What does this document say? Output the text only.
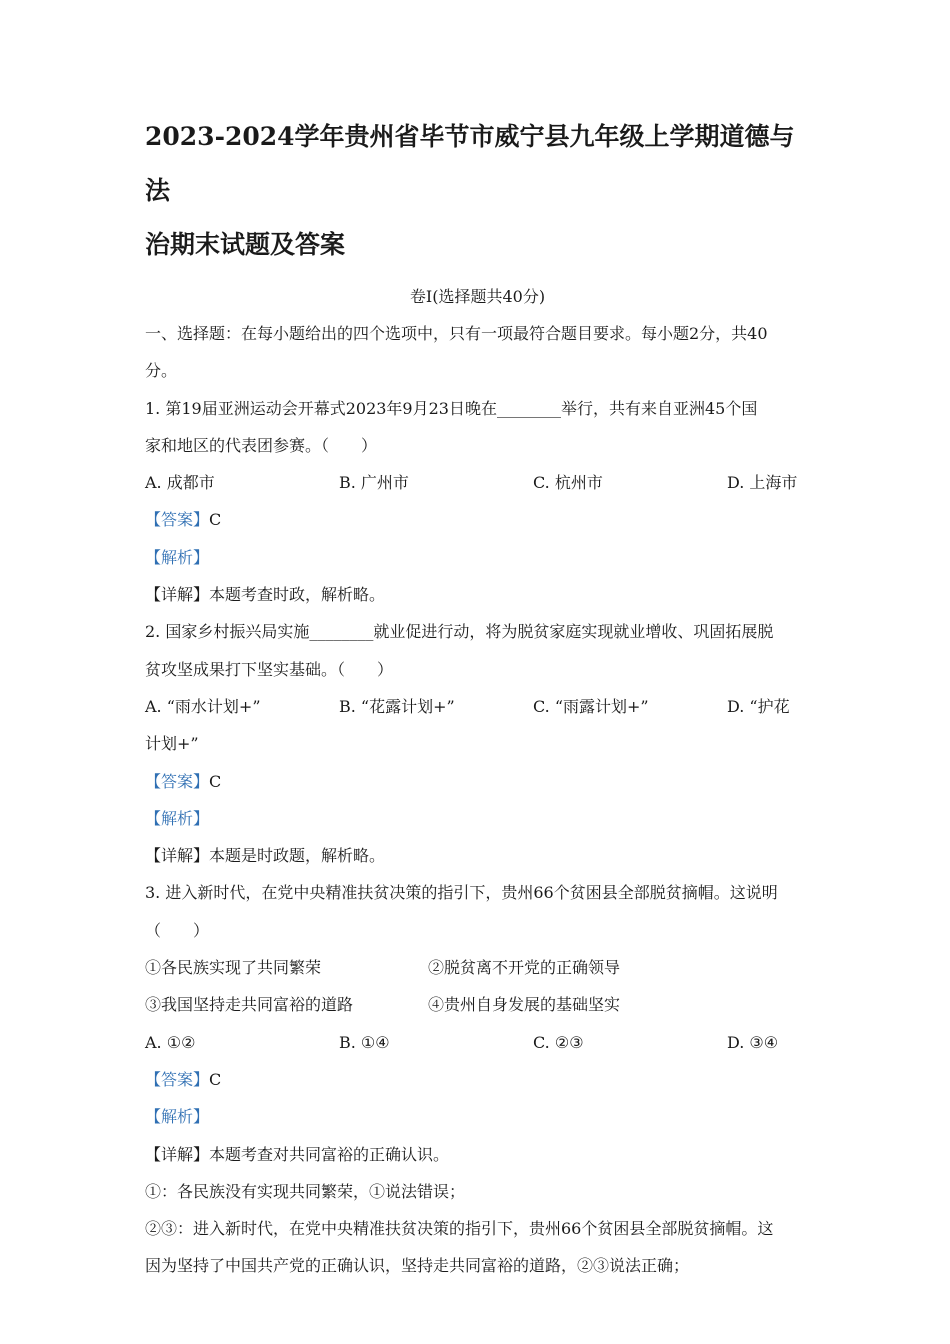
2023-2024学年贵州省毕节市威宁县九年级上学期道德与法
治期末试题及答案
卷Ⅰ(选择题共40分)
一、选择题：在每小题给出的四个选项中，只有一项最符合题目要求。每小题2分，共40
分。
1. 第19届亚洲运动会开幕式2023年9月23日晚在________举行，共有来自亚洲45个国
家和地区的代表团参赛。（　　）
A. 成都市	B. 广州市	C. 杭州市	D. 上海市
【答案】C
【解析】
【详解】本题考查时政，解析略。
2. 国家乡村振兴局实施________就业促进行动，将为脱贫家庭实现就业增收、巩固拓展脱
贫攻坚成果打下坚实基础。（　　）
A. “雨水计划+”	B. “花露计划+”	C. “雨露计划+”	D. “护花
计划+”
【答案】C
【解析】
【详解】本题是时政题，解析略。
3. 进入新时代，在党中央精准扶贫决策的指引下，贵州66个贫困县全部脱贫摘帽。这说明
（　　）
①各民族实现了共同繁荣	②脱贫离不开党的正确领导
③我国坚持走共同富裕的道路	④贵州自身发展的基础坚实
A. ①②	B. ①④	C. ②③	D. ③④
【答案】C
【解析】
【详解】本题考查对共同富裕的正确认识。
①：各民族没有实现共同繁荣，①说法错误；
②③：进入新时代，在党中央精准扶贫决策的指引下，贵州66个贫困县全部脱贫摘帽。这
因为坚持了中国共产党的正确认识，坚持走共同富裕的道路，②③说法正确；
